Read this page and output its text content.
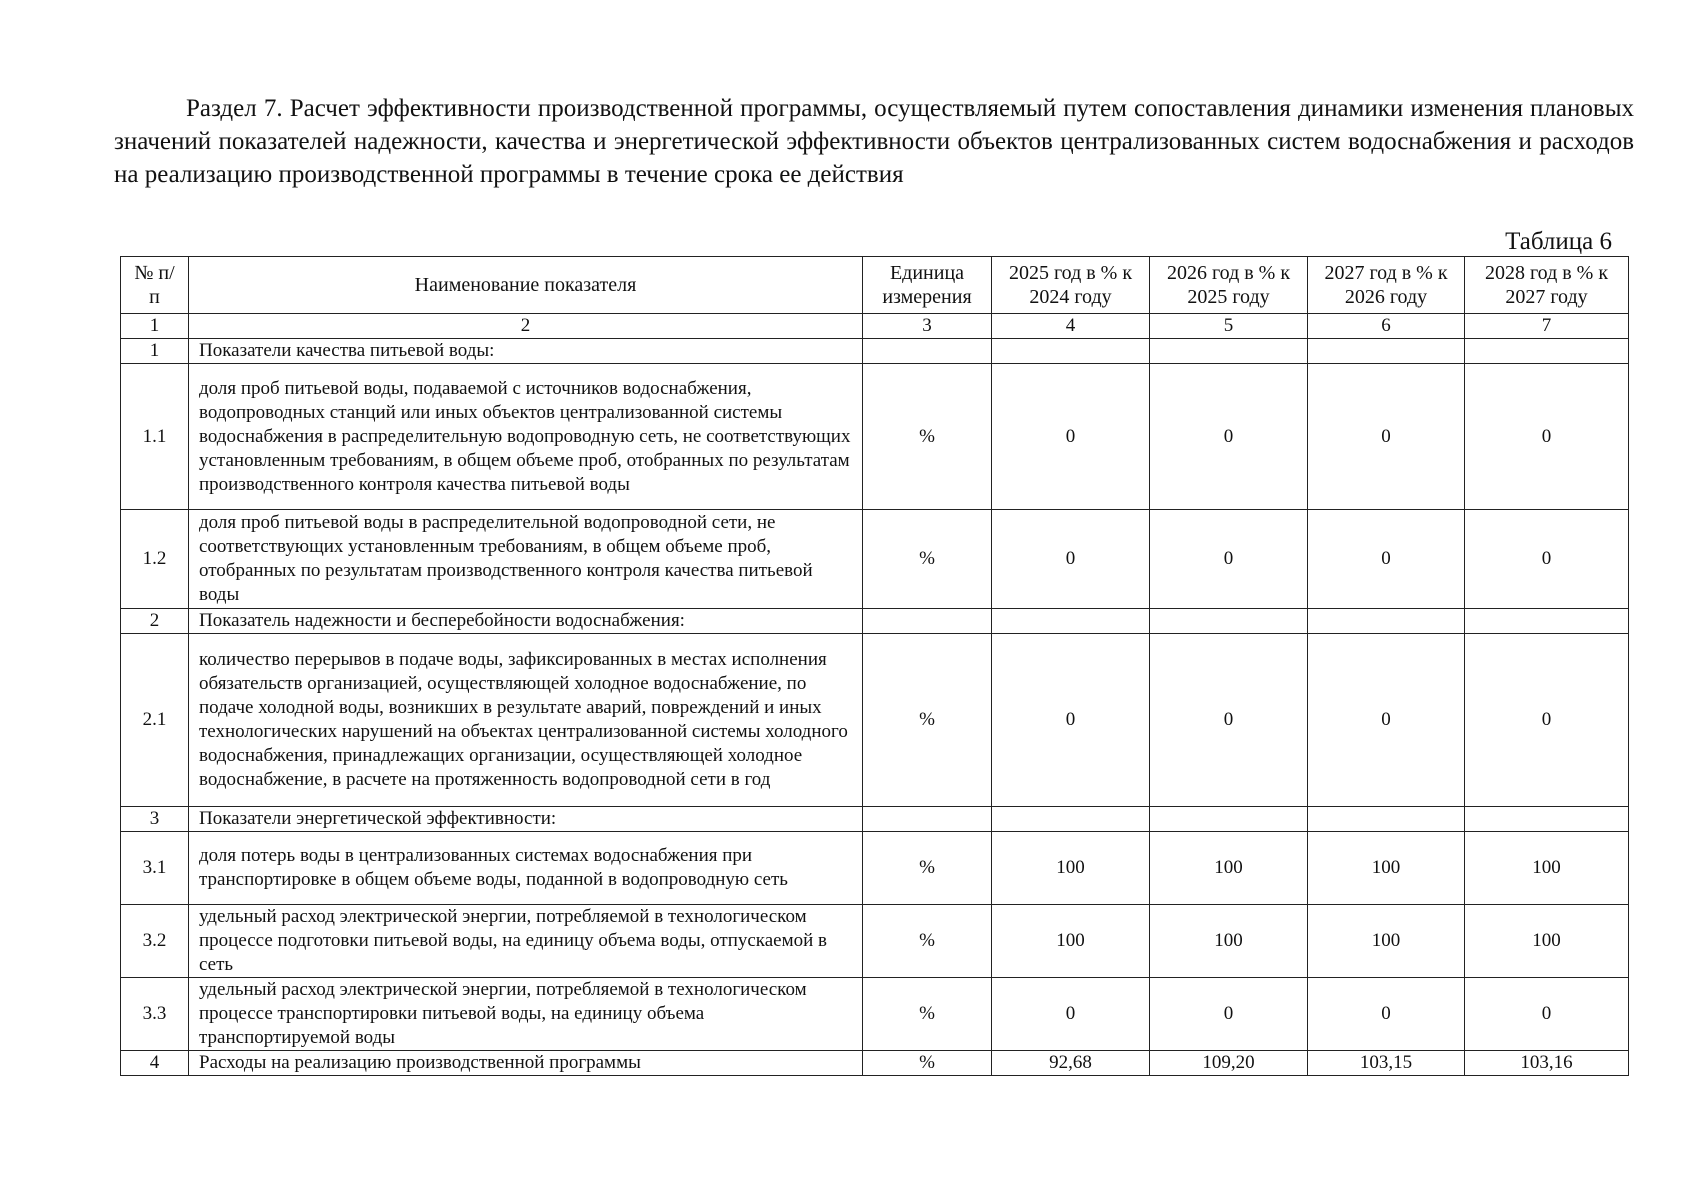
Раздел 7. Расчет эффективности производственной программы, осуществляемый путем сопоставления динамики изменения плановых значений показателей надежности, качества и энергетической эффективности объектов централизованных систем водоснабжения и расходов на реализацию производственной программы в течение срока ее действия

Таблица 6

№ п/п	Наименование показателя	Единица измерения	2025 год в % к 2024 году	2026 год в % к 2025 году	2027 год в % к 2026 году	2028 год в % к 2027 году
1	2	3	4	5	6	7
1	Показатели качества питьевой воды:					
1.1	доля проб питьевой воды, подаваемой с источников водоснабжения, водопроводных станций или иных объектов централизованной системы водоснабжения в распределительную водопроводную сеть, не соответствующих установленным требованиям, в общем объеме проб, отобранных по результатам производственного контроля качества питьевой воды	%	0	0	0	0
1.2	доля проб питьевой воды в распределительной водопроводной сети, не соответствующих установленным требованиям, в общем объеме проб, отобранных по результатам производственного контроля качества питьевой воды	%	0	0	0	0
2	Показатель надежности и бесперебойности водоснабжения:					
2.1	количество перерывов в подаче воды, зафиксированных в местах исполнения обязательств организацией, осуществляющей холодное водоснабжение, по подаче холодной воды, возникших в результате аварий, повреждений и иных технологических нарушений на объектах централизованной системы холодного водоснабжения, принадлежащих организации, осуществляющей холодное водоснабжение, в расчете на протяженность водопроводной сети в год	%	0	0	0	0
3	Показатели энергетической эффективности:					
3.1	доля потерь воды в централизованных системах водоснабжения при транспортировке в общем объеме воды, поданной в водопроводную сеть	%	100	100	100	100
3.2	удельный расход электрической энергии, потребляемой в технологическом процессе подготовки питьевой воды, на единицу объема воды, отпускаемой в сеть	%	100	100	100	100
3.3	удельный расход электрической энергии, потребляемой в технологическом процессе транспортировки питьевой воды, на единицу объема транспортируемой воды	%	0	0	0	0
4	Расходы на реализацию производственной программы	%	92,68	109,20	103,15	103,16
